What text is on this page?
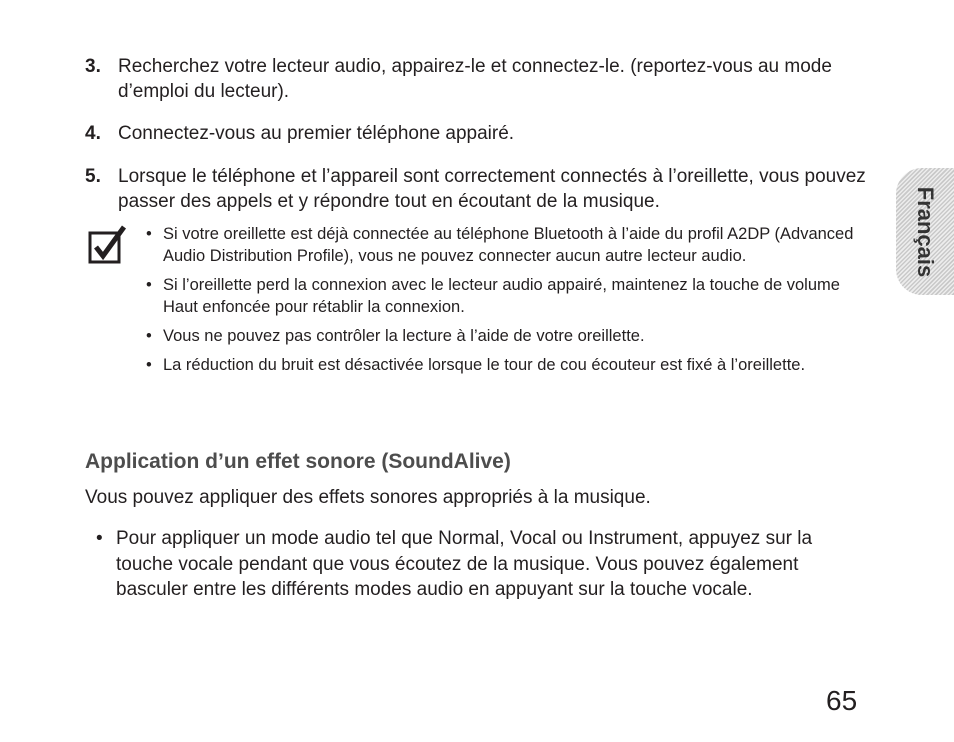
3. Recherchez votre lecteur audio, appairez-le et connectez-le. (reportez-vous au mode d’emploi du lecteur).
4. Connectez-vous au premier téléphone appairé.
5. Lorsque le téléphone et l’appareil sont correctement connectés à l’oreillette, vous pouvez passer des appels et y répondre tout en écoutant de la musique.
• Si votre oreillette est déjà connectée au téléphone Bluetooth à l’aide du profil A2DP (Advanced Audio Distribution Profile), vous ne pouvez connecter aucun autre lecteur audio.
• Si l’oreillette perd la connexion avec le lecteur audio appairé, maintenez la touche de volume Haut enfoncée pour rétablir la connexion.
• Vous ne pouvez pas contrôler la lecture à l’aide de votre oreillette.
• La réduction du bruit est désactivée lorsque le tour de cou écouteur est fixé à l’oreillette.
Application d’un effet sonore (SoundAlive)
Vous pouvez appliquer des effets sonores appropriés à la musique.
• Pour appliquer un mode audio tel que Normal, Vocal ou Instrument, appuyez sur la touche vocale pendant que vous écoutez de la musique. Vous pouvez également basculer entre les différents modes audio en appuyant sur la touche vocale.
Français
65
